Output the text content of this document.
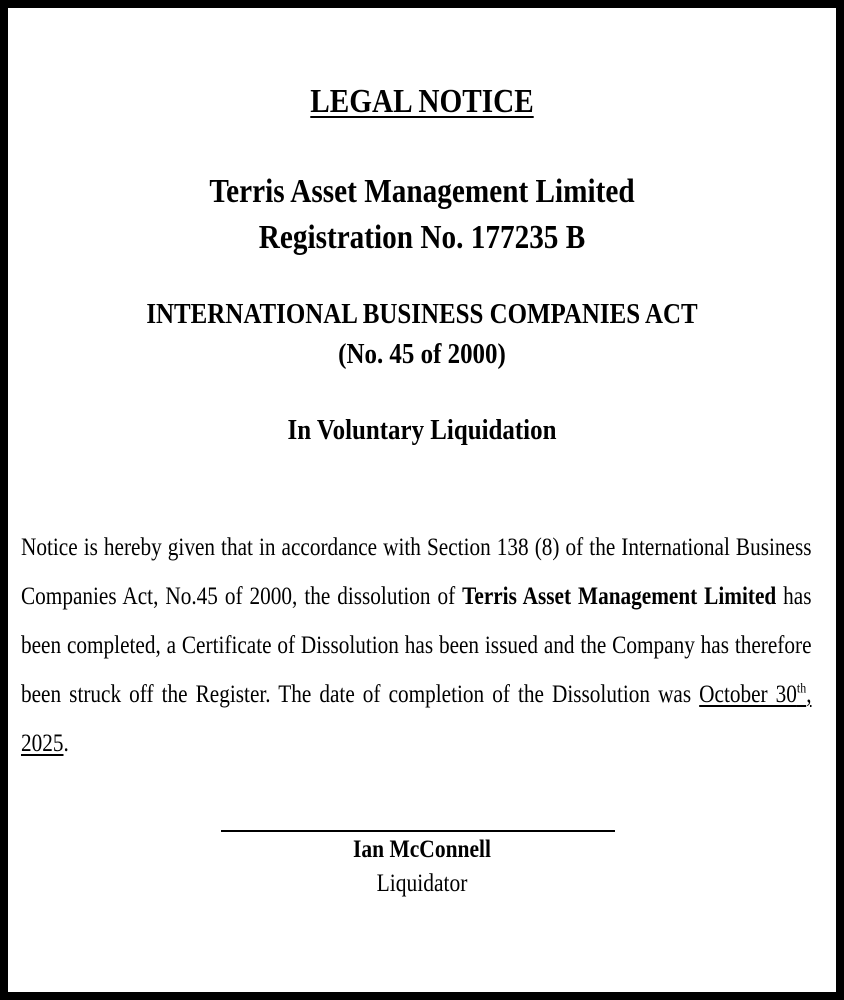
LEGAL NOTICE
Terris Asset Management Limited
Registration No. 177235 B
INTERNATIONAL BUSINESS COMPANIES ACT
(No. 45 of 2000)
In Voluntary Liquidation
Notice is hereby given that in accordance with Section 138 (8) of the International Business Companies Act, No.45 of 2000, the dissolution of Terris Asset Management Limited has been completed, a Certificate of Dissolution has been issued and the Company has therefore been struck off the Register. The date of completion of the Dissolution was October 30th, 2025.
Ian McConnell
Liquidator
